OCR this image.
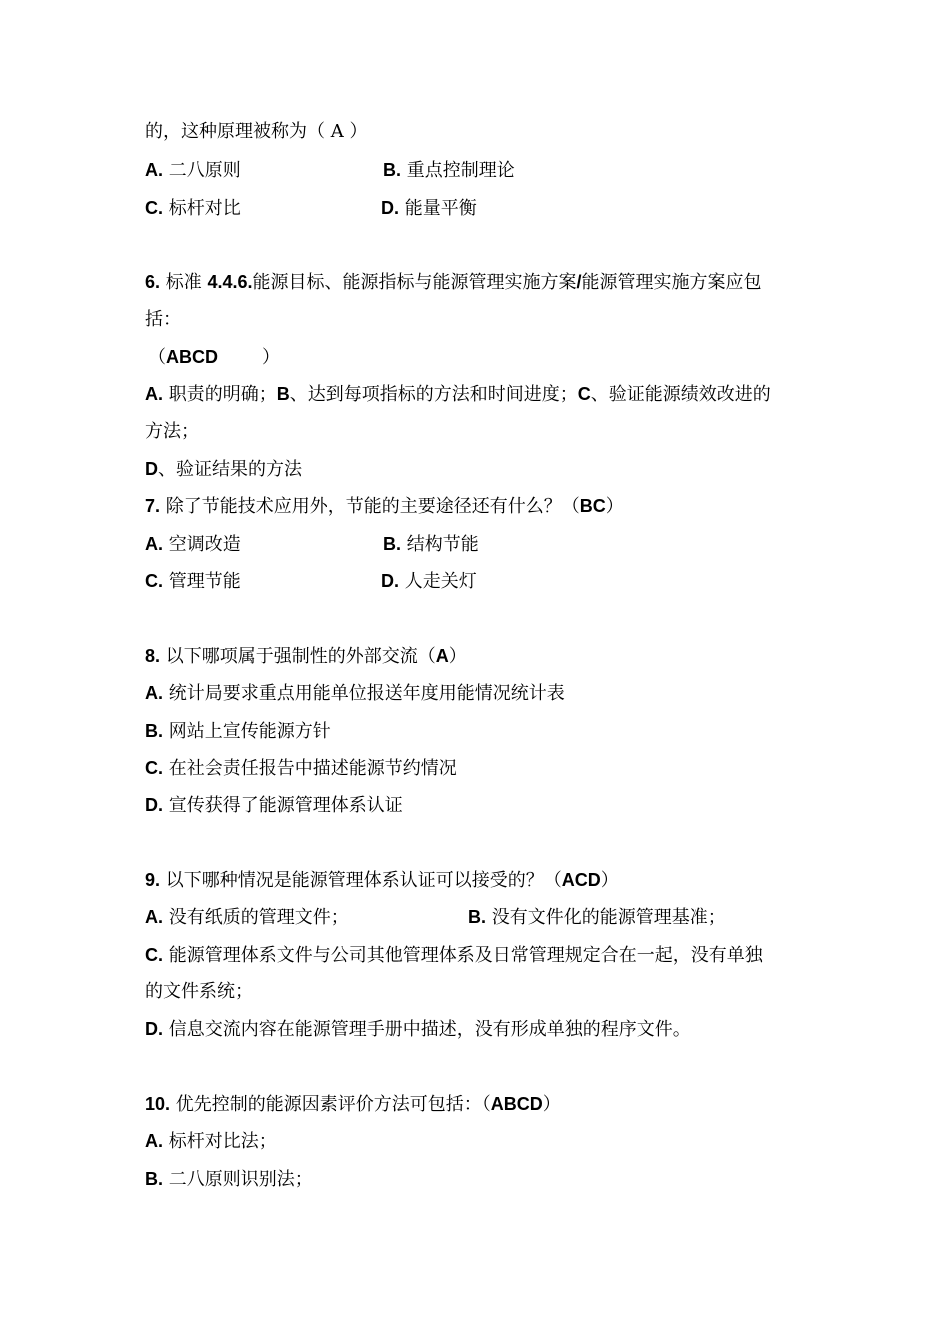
的，这种原理被称为（ A ）
A. 二八原则	B. 重点控制理论
C. 标杆对比	D. 能量平衡
6. 标准 4.4.6.能源目标、能源指标与能源管理实施方案/能源管理实施方案应包
括：
（ABCD ）
A. 职责的明确；B、达到每项指标的方法和时间进度；C、验证能源绩效改进的
方法；
D、验证结果的方法
7. 除了节能技术应用外，节能的主要途径还有什么？（BC）
A. 空调改造	B. 结构节能
C. 管理节能	D. 人走关灯
8. 以下哪项属于强制性的外部交流（A）
A. 统计局要求重点用能单位报送年度用能情况统计表
B. 网站上宣传能源方针
C. 在社会责任报告中描述能源节约情况
D. 宣传获得了能源管理体系认证
9. 以下哪种情况是能源管理体系认证可以接受的？（ACD）
A. 没有纸质的管理文件；	B. 没有文件化的能源管理基准；
C. 能源管理体系文件与公司其他管理体系及日常管理规定合在一起，没有单独
的文件系统；
D. 信息交流内容在能源管理手册中描述，没有形成单独的程序文件。
10. 优先控制的能源因素评价方法可包括：（ABCD）
A. 标杆对比法；
B. 二八原则识别法；
